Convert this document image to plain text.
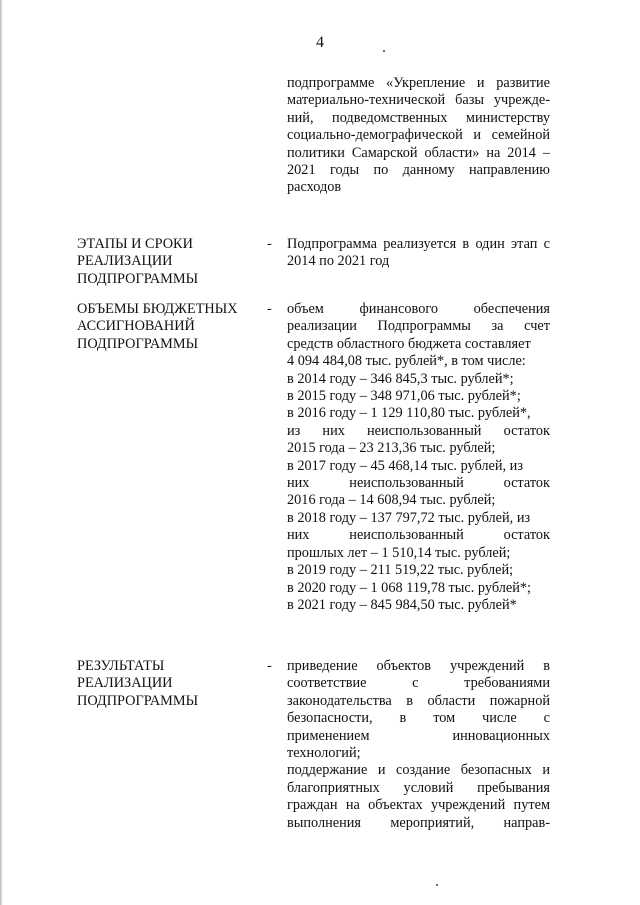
4
подпрограмме «Укрепление и развитие
материально-технической базы учрежде-
ний, подведомственных министерству
социально-демографической и семейной
политики Самарской области» на 2014 –
2021 годы по данному направлению
расходов
ЭТАПЫ И СРОКИ
РЕАЛИЗАЦИИ
ПОДПРОГРАММЫ
- Подпрограмма реализуется в один этап с
2014 по 2021 год
ОБЪЕМЫ БЮДЖЕТНЫХ
АССИГНОВАНИЙ
ПОДПРОГРАММЫ
- объем финансового обеспечения
реализации Подпрограммы за счет
средств областного бюджета составляет
4 094 484,08 тыс. рублей*, в том числе:
в 2014 году – 346 845,3 тыс. рублей*;
в 2015 году – 348 971,06 тыс. рублей*;
в 2016 году – 1 129 110,80 тыс. рублей*,
из них неиспользованный остаток
2015 года – 23 213,36 тыс. рублей;
в 2017 году – 45 468,14 тыс. рублей, из
них неиспользованный остаток
2016 года – 14 608,94 тыс. рублей;
в 2018 году – 137 797,72 тыс. рублей, из
них неиспользованный остаток
прошлых лет – 1 510,14 тыс. рублей;
в 2019 году – 211 519,22 тыс. рублей;
в 2020 году – 1 068 119,78 тыс. рублей*;
в 2021 году – 845 984,50 тыс. рублей*
РЕЗУЛЬТАТЫ
РЕАЛИЗАЦИИ
ПОДПРОГРАММЫ
- приведение объектов учреждений в
соответствие с требованиями
законодательства в области пожарной
безопасности, в том числе с
применением инновационных
технологий;
поддержание и создание безопасных и
благоприятных условий пребывания
граждан на объектах учреждений путем
выполнения мероприятий, направ-
